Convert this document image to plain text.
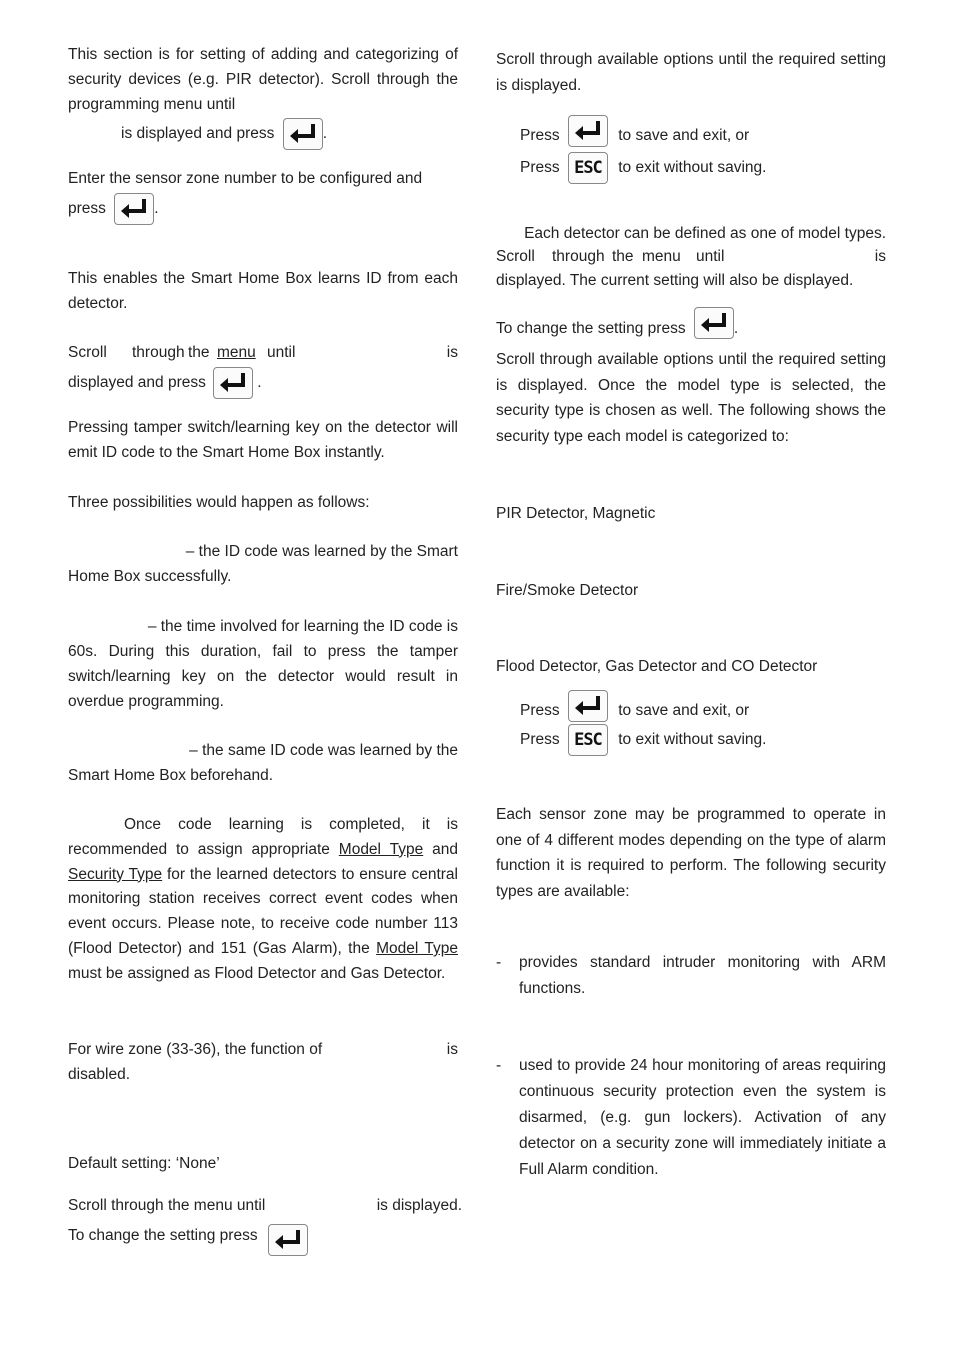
This section is for setting of adding and categorizing of security devices (e.g. PIR detector). Scroll through the programming menu until

is displayed and press	.

Enter the sensor zone number to be configured and

press	.

This enables the Smart Home Box learns ID from each detector.

Scroll through the menu until	is
displayed and press	.

Pressing tamper switch/learning key on the detector will emit ID code to the Smart Home Box instantly.

Three possibilities would happen as follows:

– the ID code was learned by the Smart

Home Box successfully.

– the time involved for learning the ID code is

60s. During this duration, fail to press the tamper switch/learning key on the detector would result in overdue programming.

– the same ID code was learned by the

Smart Home Box beforehand.

Once code learning is completed, it is recommended to assign appropriate Model Type and Security Type for the learned detectors to ensure central monitoring station receives correct event codes when event occurs. Please note, to receive code number 113 (Flood Detector) and 151 (Gas Alarm), the Model Type must be assigned as Flood Detector and Gas Detector.

For wire zone (33-36), the function of	is

disabled.

Default setting: ‘None’

Scroll through the menu until	is displayed.
To change the setting press

Scroll through available options until the required setting is displayed.

Press	to save and exit, or
Press ESC to exit without saving.

Each detector can be defined as one of model types.

Scroll through the menu until	is

displayed. The current setting will also be displayed.

To change the setting press	.

Scroll through available options until the required setting is displayed. Once the model type is selected, the security type is chosen as well. The following shows the security type each model is categorized to:

PIR Detector, Magnetic

Fire/Smoke Detector

Flood Detector, Gas Detector and CO Detector

Press	to save and exit, or
Press ESC to exit without saving.

Each sensor zone may be programmed to operate in one of 4 different modes depending on the type of alarm function it is required to perform. The following security types are available:

- provides standard intruder monitoring with ARM functions.

- used to provide 24 hour monitoring of areas requiring continuous security protection even the system is disarmed, (e.g. gun lockers). Activation of any detector on a security zone will immediately initiate a Full Alarm condition.
